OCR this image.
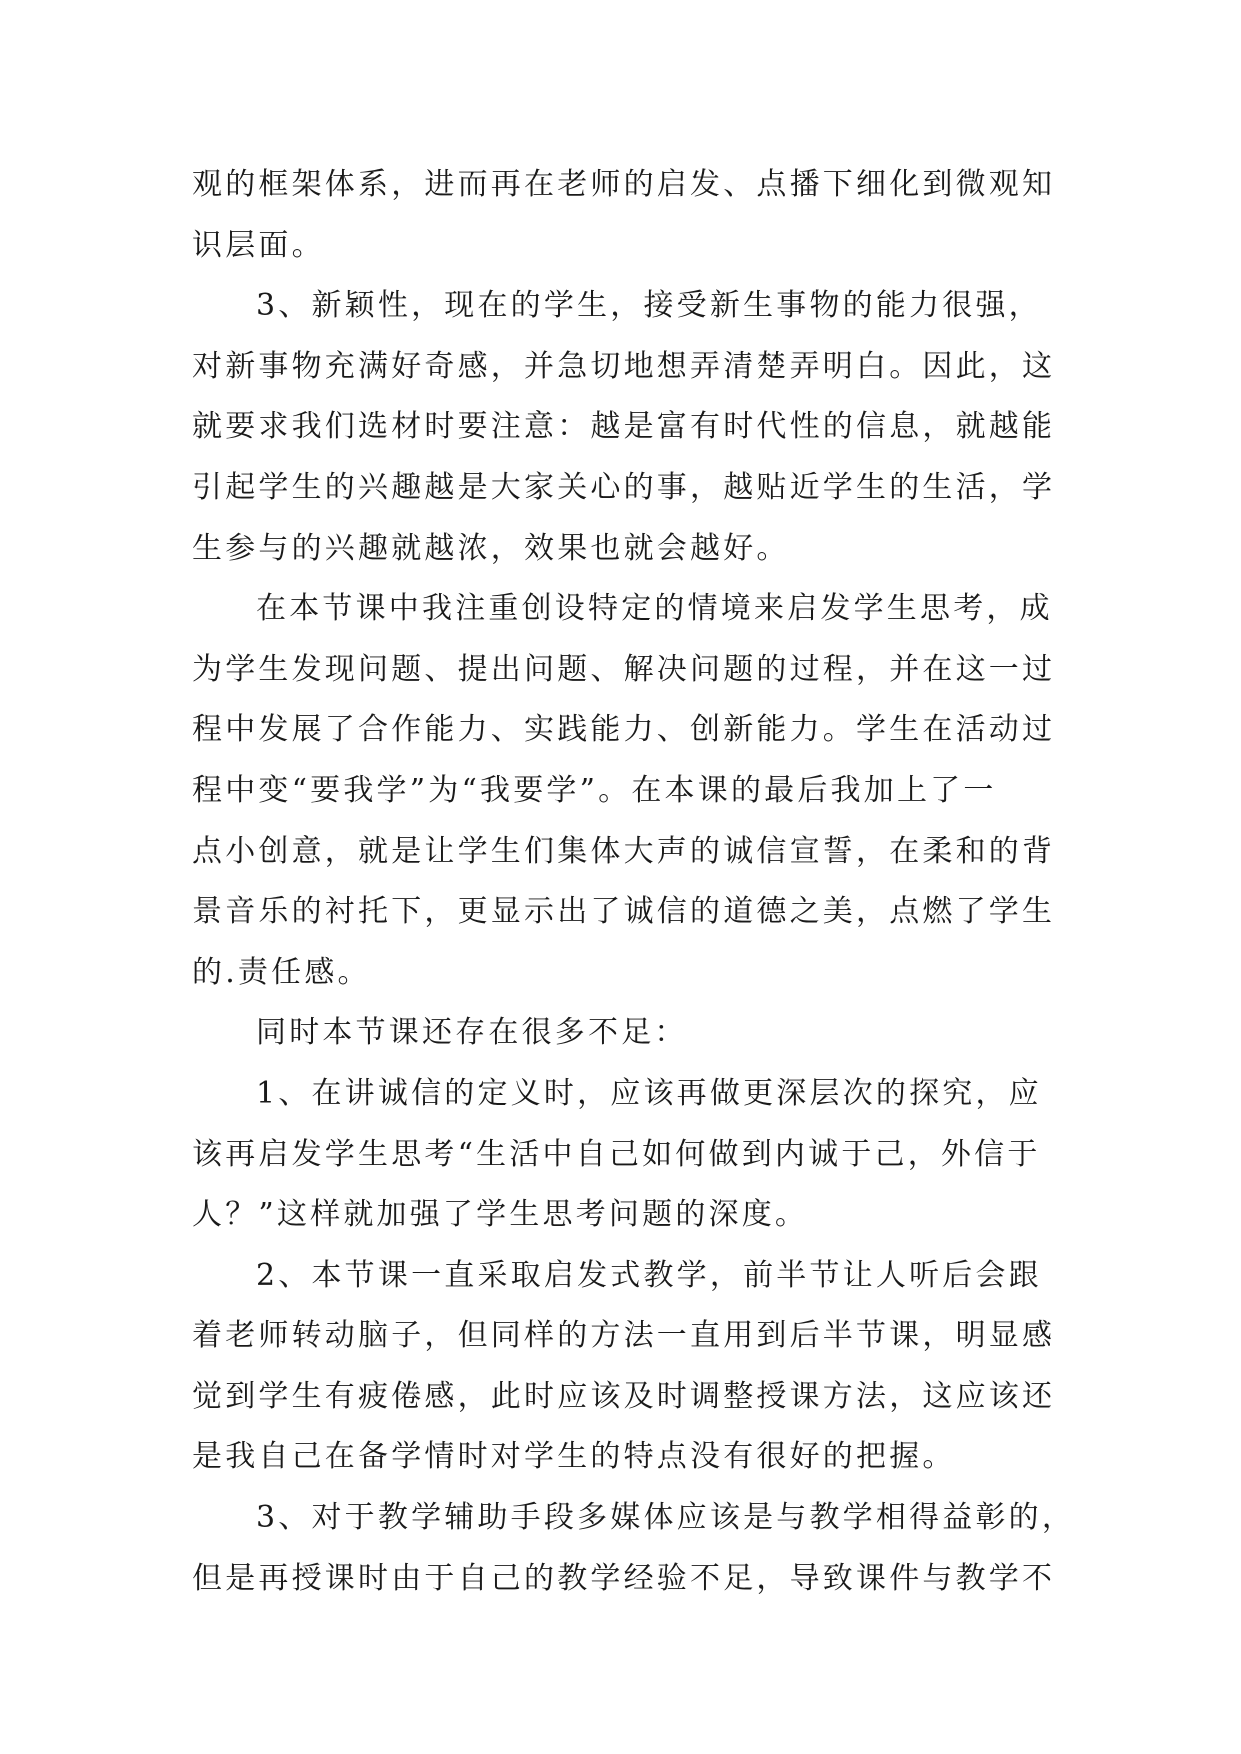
观的框架体系，进而再在老师的启发、点播下细化到微观知
识层面。
3、新颖性，现在的学生，接受新生事物的能力很强，
对新事物充满好奇感，并急切地想弄清楚弄明白。因此，这
就要求我们选材时要注意：越是富有时代性的信息，就越能
引起学生的兴趣越是大家关心的事，越贴近学生的生活，学
生参与的兴趣就越浓，效果也就会越好。
在本节课中我注重创设特定的情境来启发学生思考，成
为学生发现问题、提出问题、解决问题的过程，并在这一过
程中发展了合作能力、实践能力、创新能力。学生在活动过
程中变“要我学”为“我要学”。在本课的最后我加上了一
点小创意，就是让学生们集体大声的诚信宣誓，在柔和的背
景音乐的衬托下，更显示出了诚信的道德之美，点燃了学生
的.责任感。
同时本节课还存在很多不足：
1、在讲诚信的定义时，应该再做更深层次的探究，应
该再启发学生思考“生活中自己如何做到内诚于己，外信于
人？”这样就加强了学生思考问题的深度。
2、本节课一直采取启发式教学，前半节让人听后会跟
着老师转动脑子，但同样的方法一直用到后半节课，明显感
觉到学生有疲倦感，此时应该及时调整授课方法，这应该还
是我自己在备学情时对学生的特点没有很好的把握。
3、对于教学辅助手段多媒体应该是与教学相得益彰的，
但是再授课时由于自己的教学经验不足，导致课件与教学不
